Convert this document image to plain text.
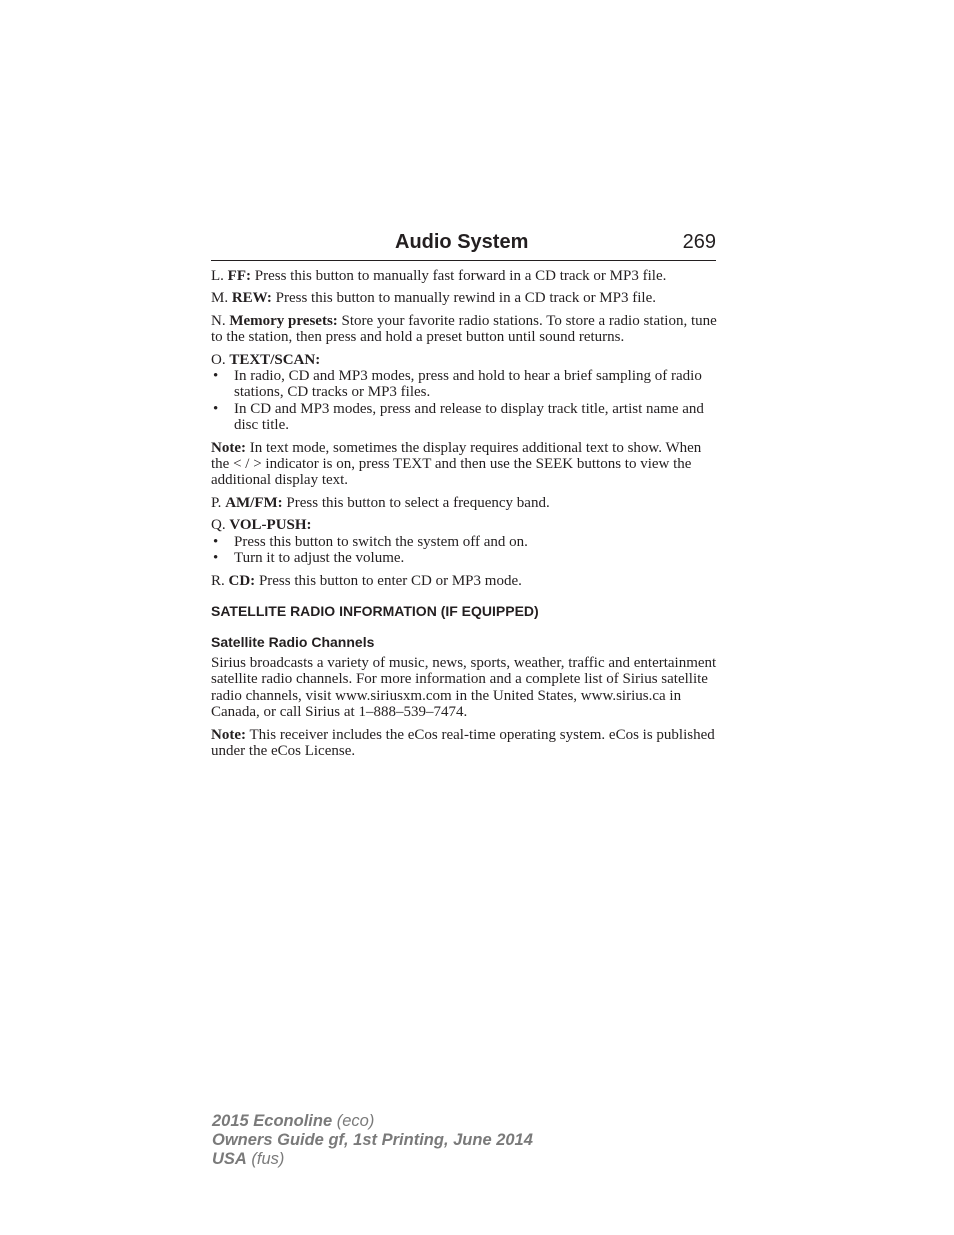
Audio System	269

L. FF: Press this button to manually fast forward in a CD track or MP3 file.

M. REW: Press this button to manually rewind in a CD track or MP3 file.

N. Memory presets: Store your favorite radio stations. To store a radio station, tune to the station, then press and hold a preset button until sound returns.

O. TEXT/SCAN:

• In radio, CD and MP3 modes, press and hold to hear a brief sampling of radio stations, CD tracks or MP3 files.
• In CD and MP3 modes, press and release to display track title, artist name and disc title.

Note: In text mode, sometimes the display requires additional text to show. When the < / > indicator is on, press TEXT and then use the SEEK buttons to view the additional display text.

P. AM/FM: Press this button to select a frequency band.

Q. VOL-PUSH:

• Press this button to switch the system off and on.
• Turn it to adjust the volume.

R. CD: Press this button to enter CD or MP3 mode.

SATELLITE RADIO INFORMATION (IF EQUIPPED)
Satellite Radio Channels

Sirius broadcasts a variety of music, news, sports, weather, traffic and entertainment satellite radio channels. For more information and a complete list of Sirius satellite radio channels, visit www.siriusxm.com in the United States, www.sirius.ca in Canada, or call Sirius at 1–888–539–7474.

Note: This receiver includes the eCos real-time operating system. eCos is published under the eCos License.

2015 Econoline (eco)
Owners Guide gf, 1st Printing, June 2014
USA (fus)
